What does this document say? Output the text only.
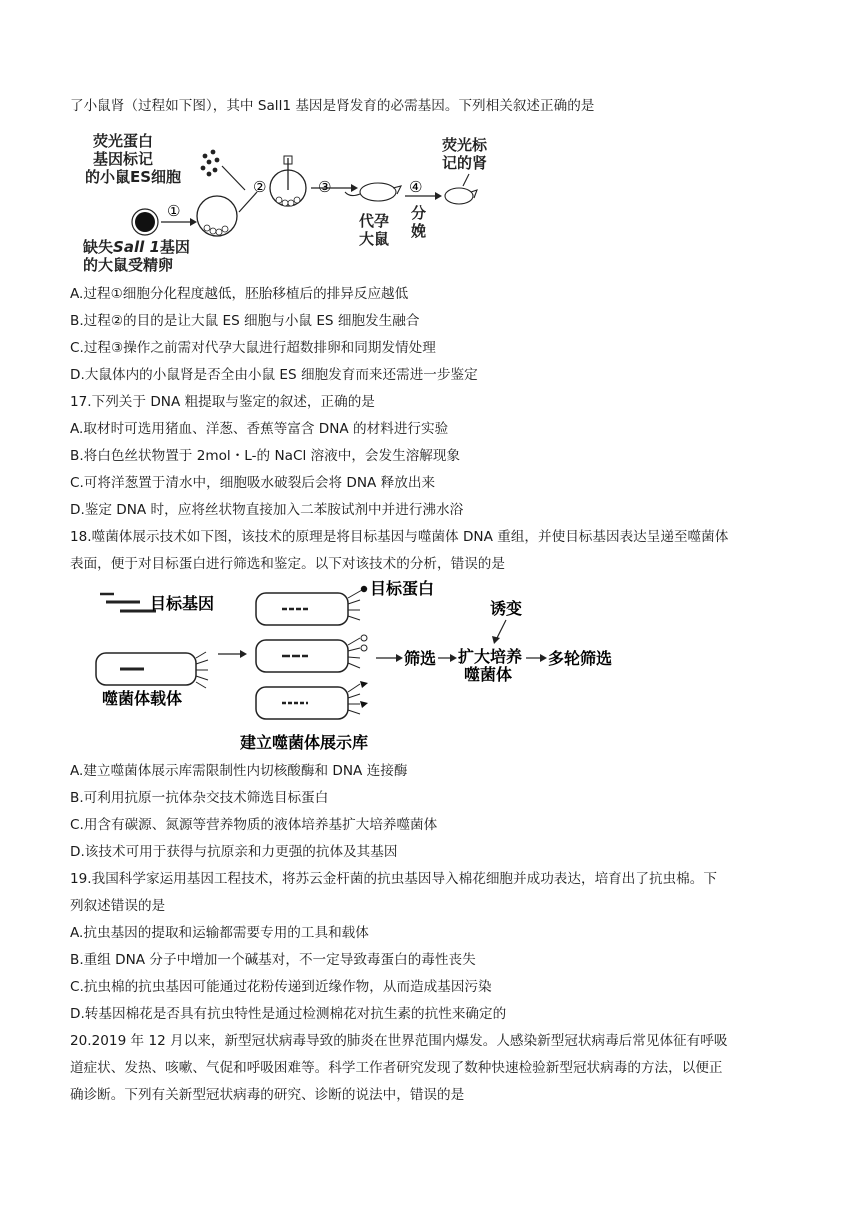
了小鼠肾（过程如下图），其中 Sall1 基因是肾发育的必需基因。下列相关叙述正确的是
荧光蛋白
基因标记
的小鼠ES细胞
①
②	③
代孕
大鼠
④
分
娩
荧光标
记的肾
缺失Sall 1基因
的大鼠受精卵
A.过程①细胞分化程度越低，胚胎移植后的排异反应越低
B.过程②的目的是让大鼠 ES 细胞与小鼠 ES 细胞发生融合
C.过程③操作之前需对代孕大鼠进行超数排卵和同期发情处理
D.大鼠体内的小鼠肾是否全由小鼠 ES 细胞发育而来还需进一步鉴定
17.下列关于 DNA 粗提取与鉴定的叙述，正确的是
A.取材时可选用猪血、洋葱、香蕉等富含 DNA 的材料进行实验
B.将白色丝状物置于 2mol・L-的 NaCl 溶液中，会发生溶解现象
C.可将洋葱置于清水中，细胞吸水破裂后会将 DNA 释放出来
D.鉴定 DNA 时，应将丝状物直接加入二苯胺试剂中并进行沸水浴
18.噬菌体展示技术如下图，该技术的原理是将目标基因与噬菌体 DNA 重组，并使目标基因表达呈递至噬菌体
表面，便于对目标蛋白进行筛选和鉴定。以下对该技术的分析，错误的是
目标基因
噬菌体载体
目标蛋白
建立噬菌体展示库
筛选
诱变
扩大培养
噬菌体
多轮筛选
A.建立噬菌体展示库需限制性内切核酸酶和 DNA 连接酶
B.可利用抗原一抗体杂交技术筛选目标蛋白
C.用含有碳源、氮源等营养物质的液体培养基扩大培养噬菌体
D.该技术可用于获得与抗原亲和力更强的抗体及其基因
19.我国科学家运用基因工程技术，将苏云金杆菌的抗虫基因导入棉花细胞并成功表达，培育出了抗虫棉。下
列叙述错误的是
A.抗虫基因的提取和运输都需要专用的工具和载体
B.重组 DNA 分子中增加一个碱基对，不一定导致毒蛋白的毒性丧失
C.抗虫棉的抗虫基因可能通过花粉传递到近缘作物，从而造成基因污染
D.转基因棉花是否具有抗虫特性是通过检测棉花对抗生素的抗性来确定的
20.2019 年 12 月以来，新型冠状病毒导致的肺炎在世界范围内爆发。人感染新型冠状病毒后常见体征有呼吸
道症状、发热、咳嗽、气促和呼吸困难等。科学工作者研究发现了数种快速检验新型冠状病毒的方法，以便正
确诊断。下列有关新型冠状病毒的研究、诊断的说法中，错误的是
